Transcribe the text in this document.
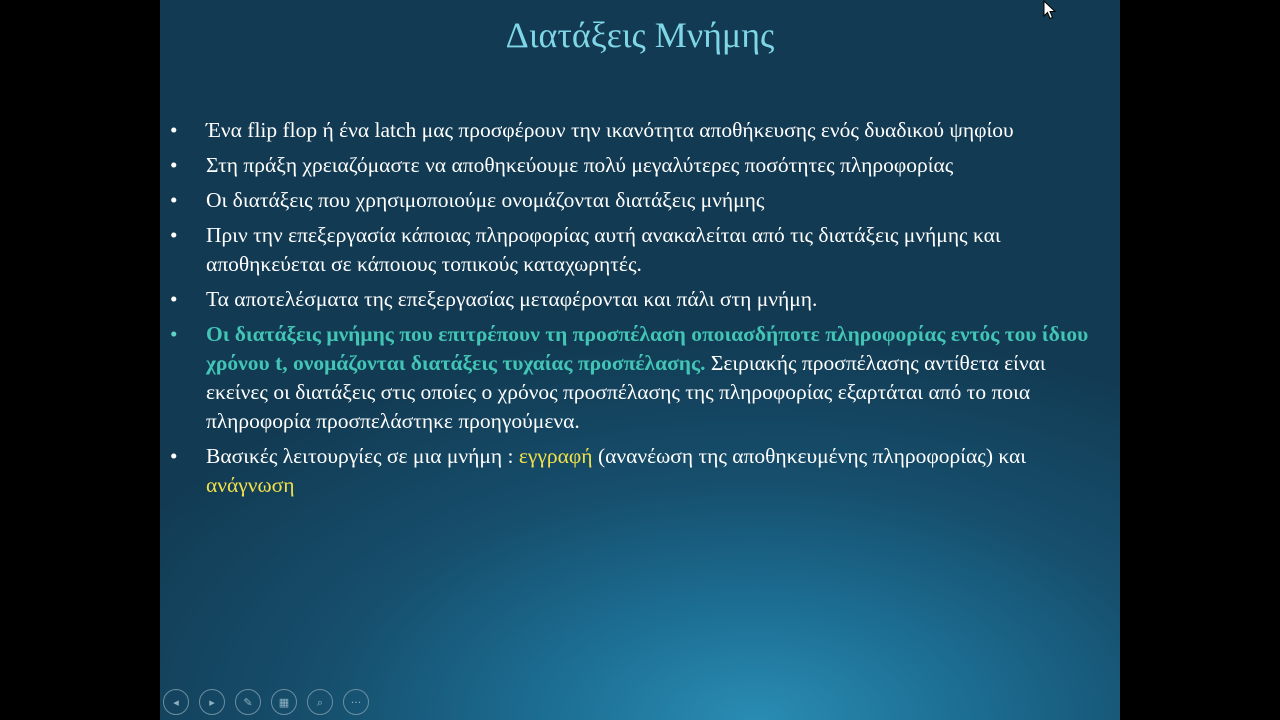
Διατάξεις Μνήμης
• Ένα flip flop ή ένα latch μας προσφέρουν την ικανότητα αποθήκευσης ενός δυαδικού ψηφίου
• Στη πράξη χρειαζόμαστε να αποθηκεύουμε πολύ μεγαλύτερες ποσότητες πληροφορίας
• Οι διατάξεις που χρησιμοποιούμε ονομάζονται διατάξεις μνήμης
• Πριν την επεξεργασία κάποιας πληροφορίας αυτή ανακαλείται από τις διατάξεις μνήμης και αποθηκεύεται σε κάποιους τοπικούς καταχωρητές.
• Τα αποτελέσματα της επεξεργασίας μεταφέρονται και πάλι στη μνήμη.
• Οι διατάξεις μνήμης που επιτρέπουν τη προσπέλαση οποιασδήποτε πληροφορίας εντός του ίδιου χρόνου t, ονομάζονται διατάξεις τυχαίας προσπέλασης. Σειριακής προσπέλασης αντίθετα είναι εκείνες οι διατάξεις στις οποίες ο χρόνος προσπέλασης της πληροφορίας εξαρτάται από το ποια πληροφορία προσπελάστηκε προηγούμενα.
• Βασικές λειτουργίες σε μια μνήμη : εγγραφή (ανανέωση της αποθηκευμένης πληροφορίας) και ανάγνωση
◂	▸	✎	▦	⌕	···
